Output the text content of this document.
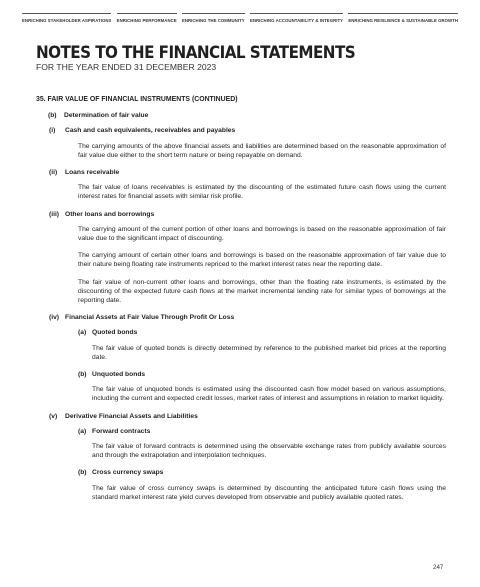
ENRICHING STAKEHOLDER ASPIRATIONS ENRICHING PERFORMANCE ENRICHING THE COMMUNITY ENRICHING ACCOUNTABILITY & INTEGRITY ENRICHING RESILIENCE & SUSTAINABLE GROWTH
NOTES TO THE FINANCIAL STATEMENTS
FOR THE YEAR ENDED 31 DECEMBER 2023
35. FAIR VALUE OF FINANCIAL INSTRUMENTS (CONTINUED)
(b)	Determination of fair value
(i)	Cash and cash equivalents, receivables and payables

The carrying amounts of the above financial assets and liabilities are determined based on the reasonable approximation of fair value due either to the short term nature or being repayable on demand.

(ii)	Loans receivable

The fair value of loans receivables is estimated by the discounting of the estimated future cash flows using the current interest rates for financial assets with similar risk profile.

(iii) Other loans and borrowings

The carrying amount of the current portion of other loans and borrowings is based on the reasonable approximation of fair value due to the significant impact of discounting.

The carrying amount of certain other loans and borrowings is based on the reasonable approximation of fair value due to their nature being floating rate instruments repriced to the market interest rates near the reporting date.

The fair value of non-current other loans and borrowings, other than the floating rate instruments, is estimated by the discounting of the expected future cash flows at the market incremental lending rate for similar types of borrowings at the reporting date.

(iv) Financial Assets at Fair Value Through Profit Or Loss
(a) Quoted bonds

The fair value of quoted bonds is directly determined by reference to the published market bid prices at the reporting date.

(b) Unquoted bonds

The fair value of unquoted bonds is estimated using the discounted cash flow model based on various assumptions, including the current and expected credit losses, market rates of interest and assumptions in relation to market liquidity.

(v)	Derivative Financial Assets and Liabilities
(a) Forward contracts

The fair value of forward contracts is determined using the observable exchange rates from publicly available sources and through the extrapolation and interpolation techniques.

(b) Cross currency swaps

The fair value of cross currency swaps is determined by discounting the anticipated future cash flows using the standard market interest rate yield curves developed from observable and publicly available quoted rates.

247
